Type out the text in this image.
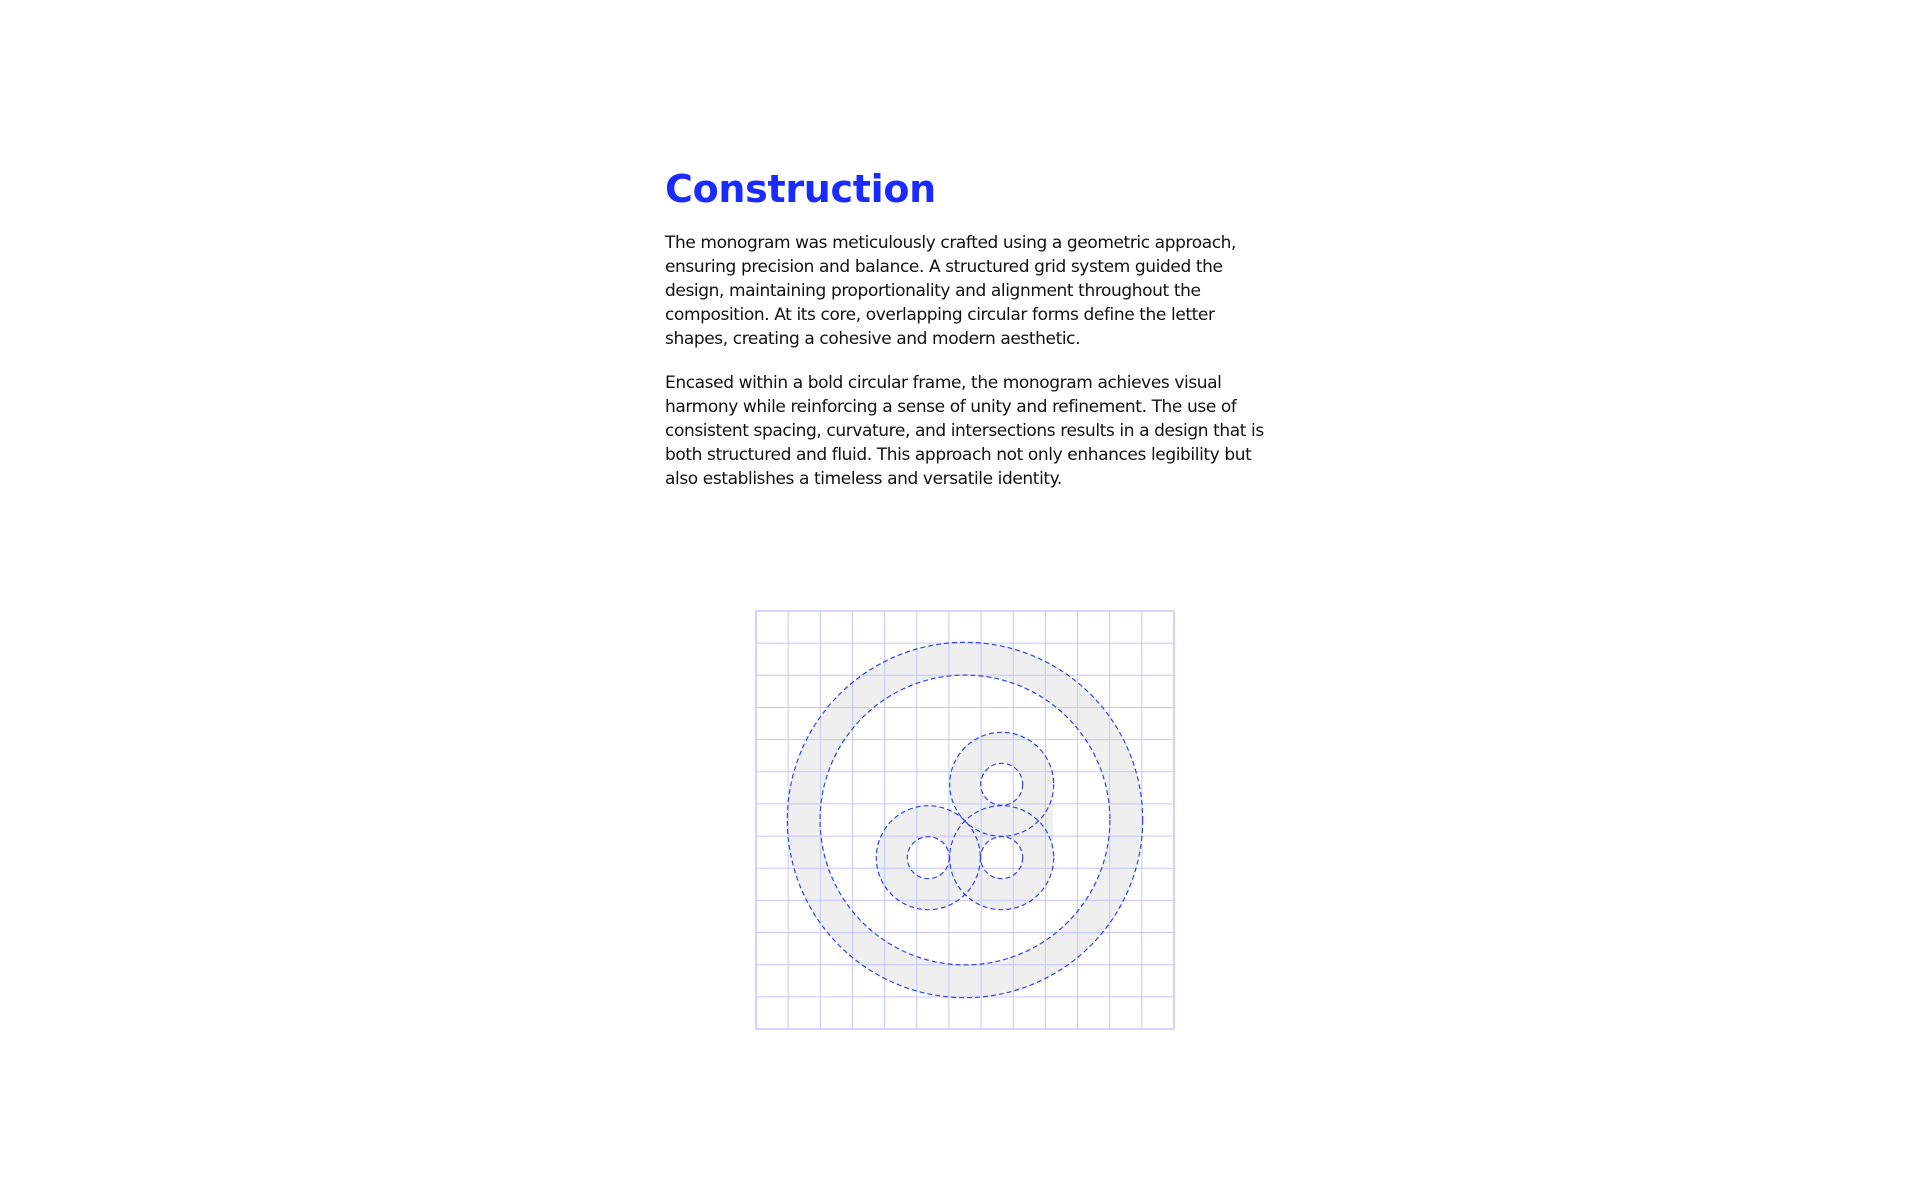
Construction

The monogram was meticulously crafted using a geometric approach, ensuring precision and balance. A structured grid system guided the design, maintaining proportionality and alignment throughout the composition. At its core, overlapping circular forms define the letter shapes, creating a cohesive and modern aesthetic.

Encased within a bold circular frame, the monogram achieves visual harmony while reinforcing a sense of unity and refinement. The use of consistent spacing, curvature, and intersections results in a design that is both structured and fluid. This approach not only enhances legibility but also establishes a timeless and versatile identity.
